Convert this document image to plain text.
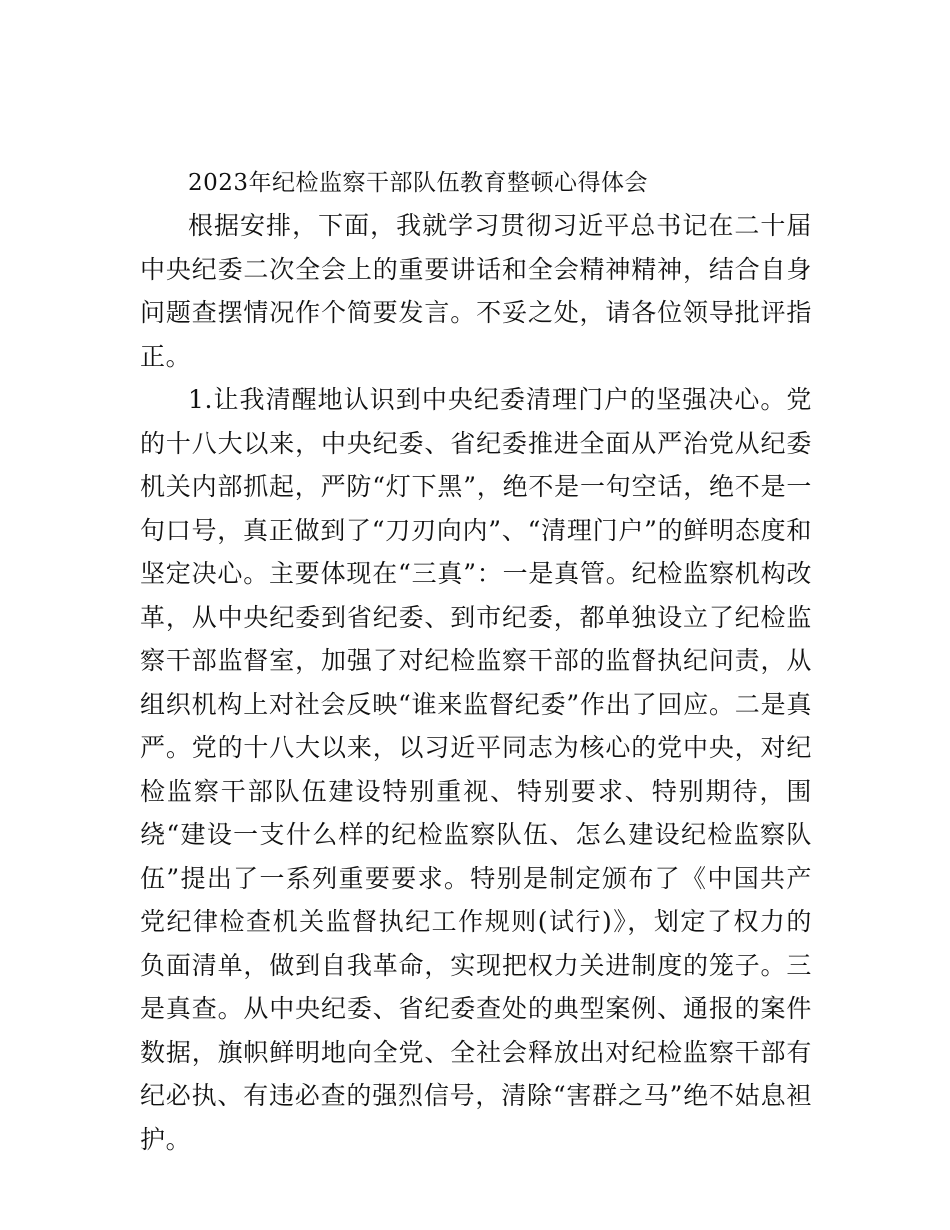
2023年纪检监察干部队伍教育整顿心得体会

根据安排，下面，我就学习贯彻习近平总书记在二十届中央纪委二次全会上的重要讲话和全会精神精神，结合自身问题查摆情况作个简要发言。不妥之处，请各位领导批评指正。

1.让我清醒地认识到中央纪委清理门户的坚强决心。党的十八大以来，中央纪委、省纪委推进全面从严治党从纪委机关内部抓起，严防“灯下黑”，绝不是一句空话，绝不是一句口号，真正做到了“刀刃向内”、“清理门户”的鲜明态度和坚定决心。主要体现在“三真”：一是真管。纪检监察机构改革，从中央纪委到省纪委、到市纪委，都单独设立了纪检监察干部监督室，加强了对纪检监察干部的监督执纪问责，从组织机构上对社会反映“谁来监督纪委”作出了回应。二是真严。党的十八大以来，以习近平同志为核心的党中央，对纪检监察干部队伍建设特别重视、特别要求、特别期待，围绕“建设一支什么样的纪检监察队伍、怎么建设纪检监察队伍”提出了一系列重要要求。特别是制定颁布了《中国共产党纪律检查机关监督执纪工作规则(试行)》，划定了权力的负面清单，做到自我革命，实现把权力关进制度的笼子。三是真查。从中央纪委、省纪委查处的典型案例、通报的案件数据，旗帜鲜明地向全党、全社会释放出对纪检监察干部有纪必执、有违必查的强烈信号，清除“害群之马”绝不姑息袒护。
